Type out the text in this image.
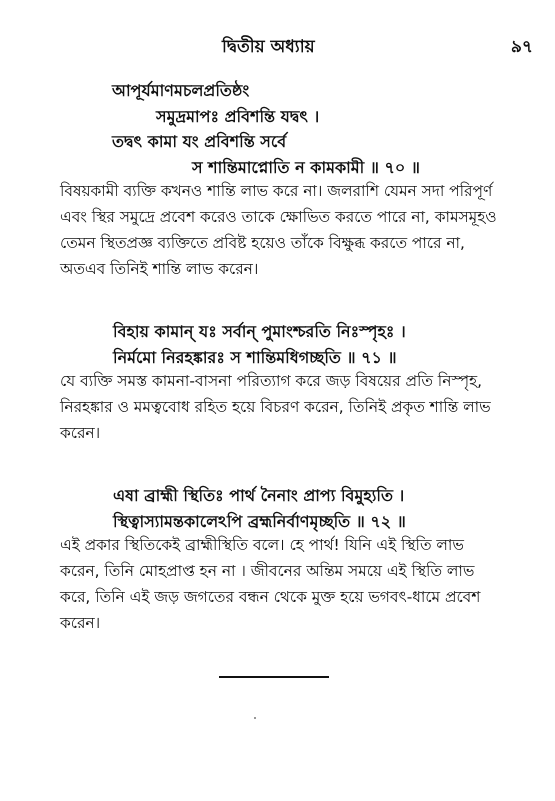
দ্বিতীয় অধ্যায়	৯৭
আপূর্যমাণমচলপ্রতিষ্ঠং
সমুদ্রমাপঃ প্রবিশন্তি যদ্বৎ ।
তদ্বৎ কামা যং প্রবিশন্তি সর্বে
স শান্তিমাপ্নোতি ন কামকামী ॥ ৭০ ॥
বিষয়কামী ব্যক্তি কখনও শান্তি লাভ করে না। জলরাশি যেমন সদা পরিপূর্ণ
এবং স্থির সমুদ্রে প্রবেশ করেও তাকে ক্ষোভিত করতে পারে না, কামসমূহও
তেমন স্থিতপ্রজ্ঞ ব্যক্তিতে প্রবিষ্ট হয়েও তাঁকে বিক্ষুব্ধ করতে পারে না,
অতএব তিনিই শান্তি লাভ করেন।
বিহায় কামান্ যঃ সর্বান্ পুমাংশ্চরতি নিঃস্পৃহঃ ।
নির্মমো নিরহঙ্কারঃ স শান্তিমধিগচ্ছতি ॥ ৭১ ॥
যে ব্যক্তি সমস্ত কামনা-বাসনা পরিত্যাগ করে জড় বিষয়ের প্রতি নিস্পৃহ,
নিরহঙ্কার ও মমত্ববোধ রহিত হয়ে বিচরণ করেন, তিনিই প্রকৃত শান্তি লাভ
করেন।
এষা ব্রাহ্মী স্থিতিঃ পার্থ নৈনাং প্রাপ্য বিমুহ্যতি ।
স্থিত্বাস্যামন্তকালেঽপি ব্রহ্মনির্বাণমৃচ্ছতি ॥ ৭২ ॥
এই প্রকার স্থিতিকেই ব্রাহ্মীস্থিতি বলে। হে পার্থ! যিনি এই স্থিতি লাভ
করেন, তিনি মোহপ্রাপ্ত হন না । জীবনের অন্তিম সময়ে এই স্থিতি লাভ
করে, তিনি এই জড় জগতের বন্ধন থেকে মুক্ত হয়ে ভগবৎ-ধামে প্রবেশ
করেন।
